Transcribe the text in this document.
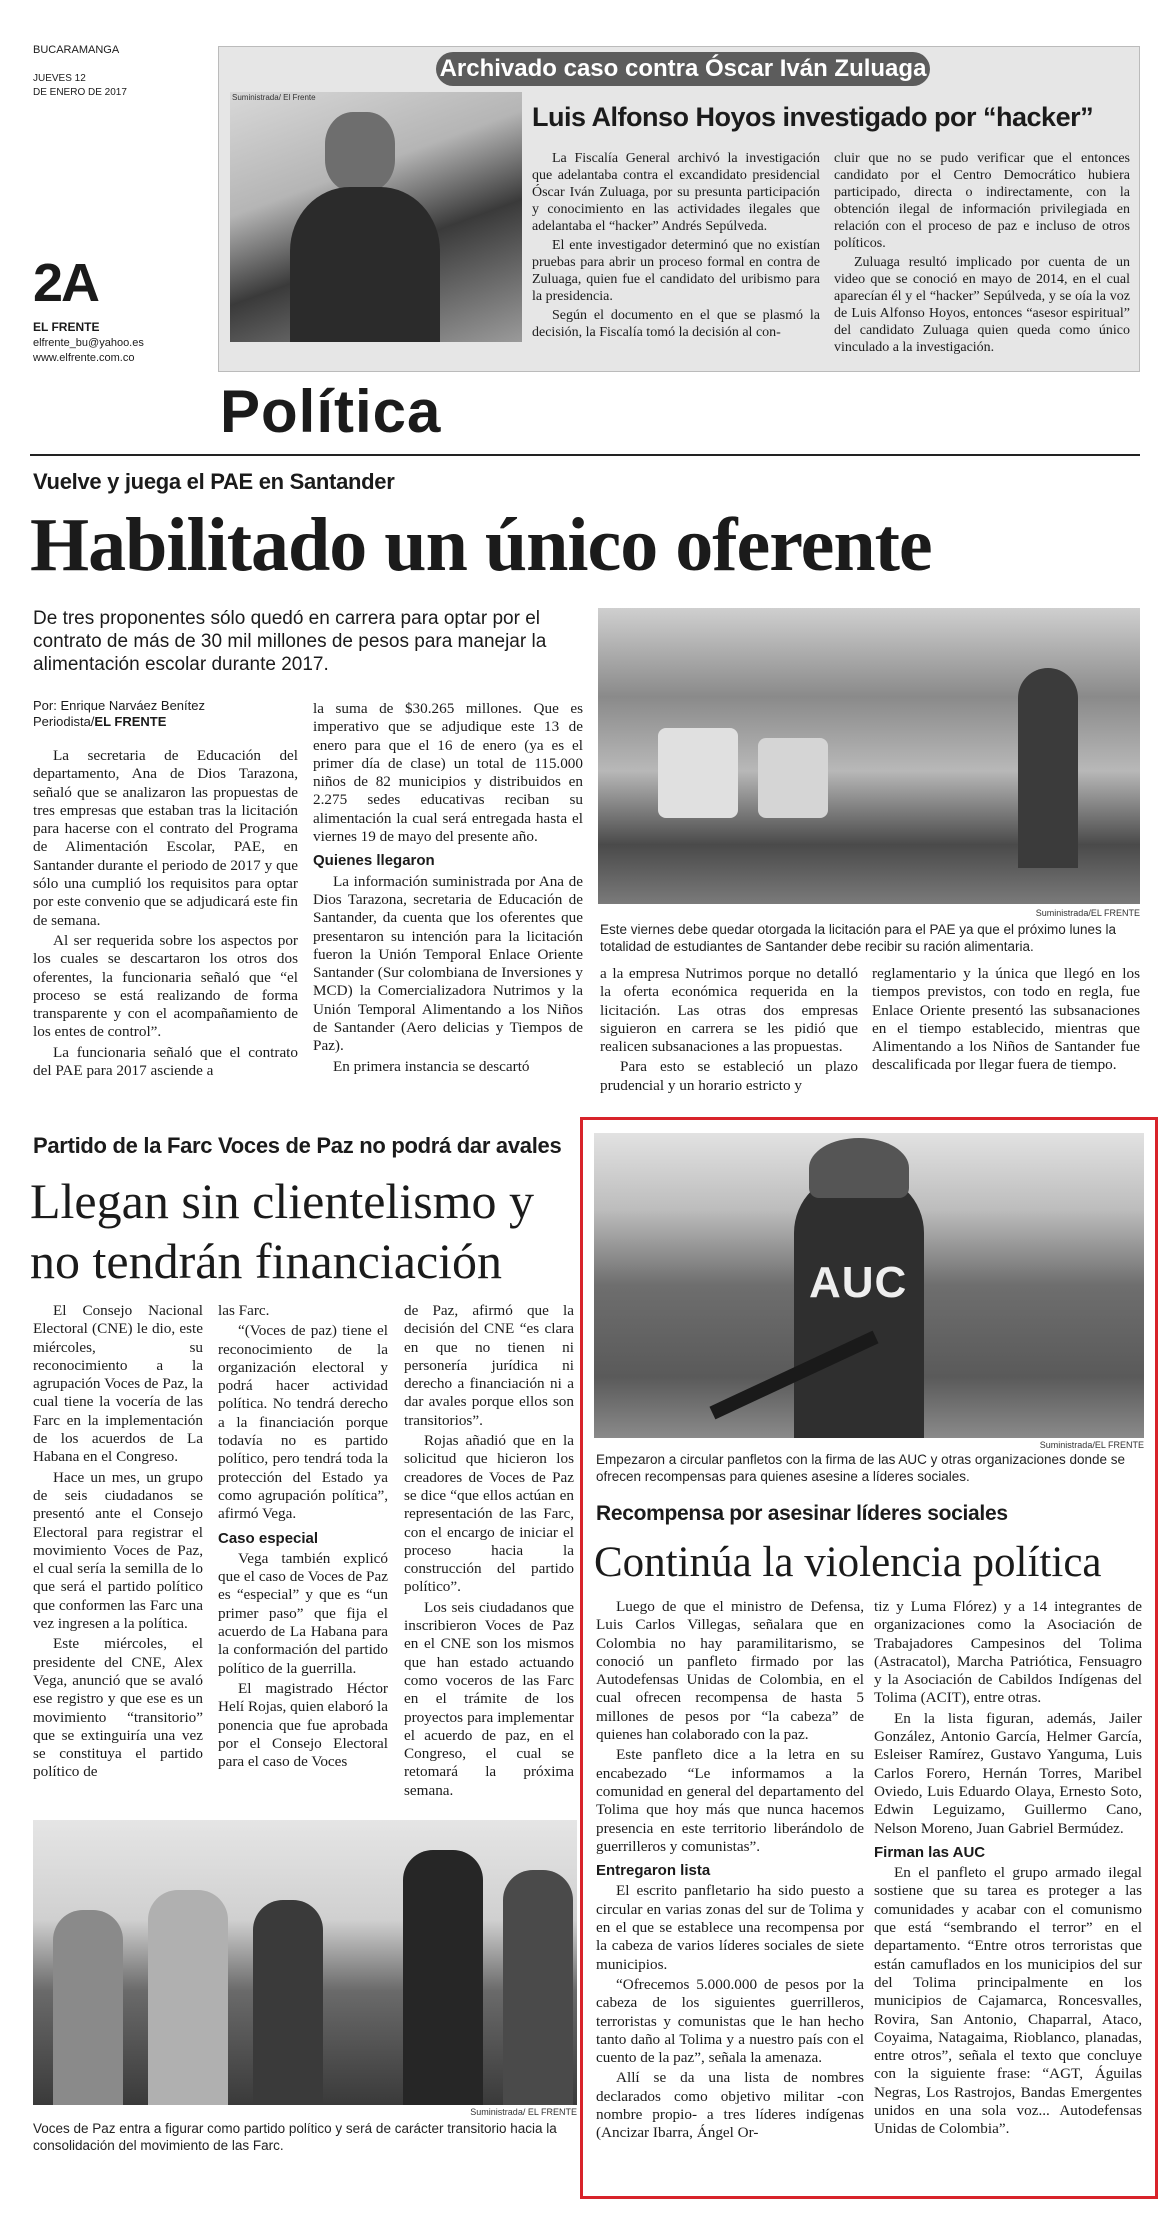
BUCARAMANGA
JUEVES 12
DE ENERO DE 2017
2A
EL FRENTE
elfrente_bu@yahoo.es
www.elfrente.com.co
Archivado caso contra Óscar Iván Zuluaga
Suministrada/ El Frente
Luis Alfonso Hoyos investigado por “hacker”

La Fiscalía General archivó la investigación que adelantaba contra el excandidato presidencial Óscar Iván Zuluaga, por su presunta participación y conocimiento en las actividades ilegales que adelantaba el “hacker” Andrés Sepúlveda.

El ente investigador determinó que no existían pruebas para abrir un proceso formal en contra de Zuluaga, quien fue el candidato del uribismo para la presidencia.

Según el documento en el que se plasmó la decisión, la Fiscalía tomó la decisión al con-

cluir que no se pudo verificar que el entonces candidato por el Centro Democrático hubiera participado, directa o indirectamente, con la obtención ilegal de información privilegiada en relación con el proceso de paz e incluso de otros políticos.

Zuluaga resultó implicado por cuenta de un video que se conoció en mayo de 2014, en el cual aparecían él y el “hacker” Sepúlveda, y se oía la voz de Luis Alfonso Hoyos, entonces “asesor espiritual” del candidato Zuluaga quien queda como único vinculado a la investigación.

Política
Vuelve y juega el PAE en Santander
Habilitado un único oferente
De tres proponentes sólo quedó en carrera para optar por el contrato de más de 30 mil millones de pesos para manejar la alimentación escolar durante 2017.
Por: Enrique Narváez Benítez
Periodista/EL FRENTE

La secretaria de Educación del departamento, Ana de Dios Tarazona, señaló que se analizaron las propuestas de tres empresas que estaban tras la licitación para hacerse con el contrato del Programa de Alimentación Escolar, PAE, en Santander durante el periodo de 2017 y que sólo una cumplió los requisitos para optar por este convenio que se adjudicará este fin de semana.

Al ser requerida sobre los aspectos por los cuales se descartaron los otros dos oferentes, la funcionaria señaló que “el proceso se está realizando de forma transparente y con el acompañamiento de los entes de control”.

La funcionaria señaló que el contrato del PAE para 2017 asciende a

la suma de $30.265 millones. Que es imperativo que se adjudique este 13 de enero para que el 16 de enero (ya es el primer día de clase) un total de 115.000 niños de 82 municipios y distribuidos en 2.275 sedes educativas reciban su alimentación la cual será entregada hasta el viernes 19 de mayo del presente año.

Quienes llegaron

La información suministrada por Ana de Dios Tarazona, secretaria de Educación de Santander, da cuenta que los oferentes que presentaron su intención para la licitación fueron la Unión Temporal Enlace Oriente Santander (Sur colombiana de Inversiones y MCD) la Comercializadora Nutrimos y la Unión Temporal Alimentando a los Niños de Santander (Aero delicias y Tiempos de Paz).

En primera instancia se descartó

Suministrada/EL FRENTE
Este viernes debe quedar otorgada la licitación para el PAE ya que el próximo lunes la totalidad de estudiantes de Santander debe recibir su ración alimentaria.

a la empresa Nutrimos porque no detalló la oferta económica requerida en la licitación. Las otras dos empresas siguieron en carrera se les pidió que realicen subsanaciones a las propuestas.

Para esto se estableció un plazo prudencial y un horario estricto y

reglamentario y la única que llegó en los tiempos previstos, con todo en regla, fue Enlace Oriente presentó las subsanaciones en el tiempo establecido, mientras que Alimentando a los Niños de Santander fue descalificada por llegar fuera de tiempo.

Partido de la Farc Voces de Paz no podrá dar avales
Llegan sin clientelismo y
no tendrán financiación

El Consejo Nacional Electoral (CNE) le dio, este miércoles, su reconocimiento a la agrupación Voces de Paz, la cual tiene la vocería de las Farc en la implementación de los acuerdos de La Habana en el Congreso.

Hace un mes, un grupo de seis ciudadanos se presentó ante el Consejo Electoral para registrar el movimiento Voces de Paz, el cual sería la semilla de lo que será el partido político que conformen las Farc una vez ingresen a la política.

Este miércoles, el presidente del CNE, Alex Vega, anunció que se avaló ese registro y que ese es un movimiento “transitorio” que se extinguiría una vez se constituya el partido político de

las Farc.

“(Voces de paz) tiene el reconocimiento de la organización electoral y podrá hacer actividad política. No tendrá derecho a la financiación porque todavía no es partido político, pero tendrá toda la protección del Estado ya como agrupación política”, afirmó Vega.

Caso especial

Vega también explicó que el caso de Voces de Paz es “especial” y que es “un primer paso” que fija el acuerdo de La Habana para la conformación del partido político de la guerrilla.

El magistrado Héctor Helí Rojas, quien elaboró la ponencia que fue aprobada por el Consejo Electoral para el caso de Voces

de Paz, afirmó que la decisión del CNE “es clara en que no tienen ni personería jurídica ni derecho a financiación ni a dar avales porque ellos son transitorios”.

Rojas añadió que en la solicitud que hicieron los creadores de Voces de Paz se dice “que ellos actúan en representación de las Farc, con el encargo de iniciar el proceso hacia la construcción del partido político”.

Los seis ciudadanos que inscribieron Voces de Paz en el CNE son los mismos que han estado actuando como voceros de las Farc en el trámite de los proyectos para implementar el acuerdo de paz, en el Congreso, el cual se retomará la próxima semana.

Suministrada/ EL FRENTE
Voces de Paz entra a figurar como partido político y será de carácter transitorio hacia la consolidación del movimiento de las Farc.
AUC
Suministrada/EL FRENTE
Empezaron a circular panfletos con la firma de las AUC y otras organizaciones donde se ofrecen recompensas para quienes asesine a líderes sociales.
Recompensa por asesinar líderes sociales
Continúa la violencia política

Luego de que el ministro de Defensa, Luis Carlos Villegas, señalara que en Colombia no hay paramilitarismo, se conoció un panfleto firmado por las Autodefensas Unidas de Colombia, en el cual ofrecen recompensa de hasta 5 millones de pesos por “la cabeza” de quienes han colaborado con la paz.

Este panfleto dice a la letra en su encabezado “Le informamos a la comunidad en general del departamento del Tolima que hoy más que nunca hacemos presencia en este territorio liberándolo de guerrilleros y comunistas”.

Entregaron lista

El escrito panfletario ha sido puesto a circular en varias zonas del sur de Tolima y en el que se establece una recompensa por la cabeza de varios líderes sociales de siete municipios.

“Ofrecemos 5.000.000 de pesos por la cabeza de los siguientes guerrilleros, terroristas y comunistas que le han hecho tanto daño al Tolima y a nuestro país con el cuento de la paz”, señala la amenaza.

Allí se da una lista de nombres declarados como objetivo militar -con nombre propio- a tres líderes indígenas (Ancizar Ibarra, Ángel Or-

tiz y Luma Flórez) y a 14 integrantes de organizaciones como la Asociación de Trabajadores Campesinos del Tolima (Astracatol), Marcha Patriótica, Fensuagro y la Asociación de Cabildos Indígenas del Tolima (ACIT), entre otras.

En la lista figuran, además, Jailer González, Antonio García, Helmer García, Esleiser Ramírez, Gustavo Yanguma, Luis Carlos Forero, Hernán Torres, Maribel Oviedo, Luis Eduardo Olaya, Ernesto Soto, Edwin Leguizamo, Guillermo Cano, Nelson Moreno, Juan Gabriel Bermúdez.

Firman las AUC

En el panfleto el grupo armado ilegal sostiene que su tarea es proteger a las comunidades y acabar con el comunismo que está “sembrando el terror” en el departamento. “Entre otros terroristas que están camuflados en los municipios del sur del Tolima principalmente en los municipios de Cajamarca, Roncesvalles, Rovira, San Antonio, Chaparral, Ataco, Coyaima, Natagaima, Rioblanco, planadas, entre otros”, señala el texto que concluye con la siguiente frase: “AGT, Águilas Negras, Los Rastrojos, Bandas Emergentes unidos en una sola voz... Autodefensas Unidas de Colombia”.
